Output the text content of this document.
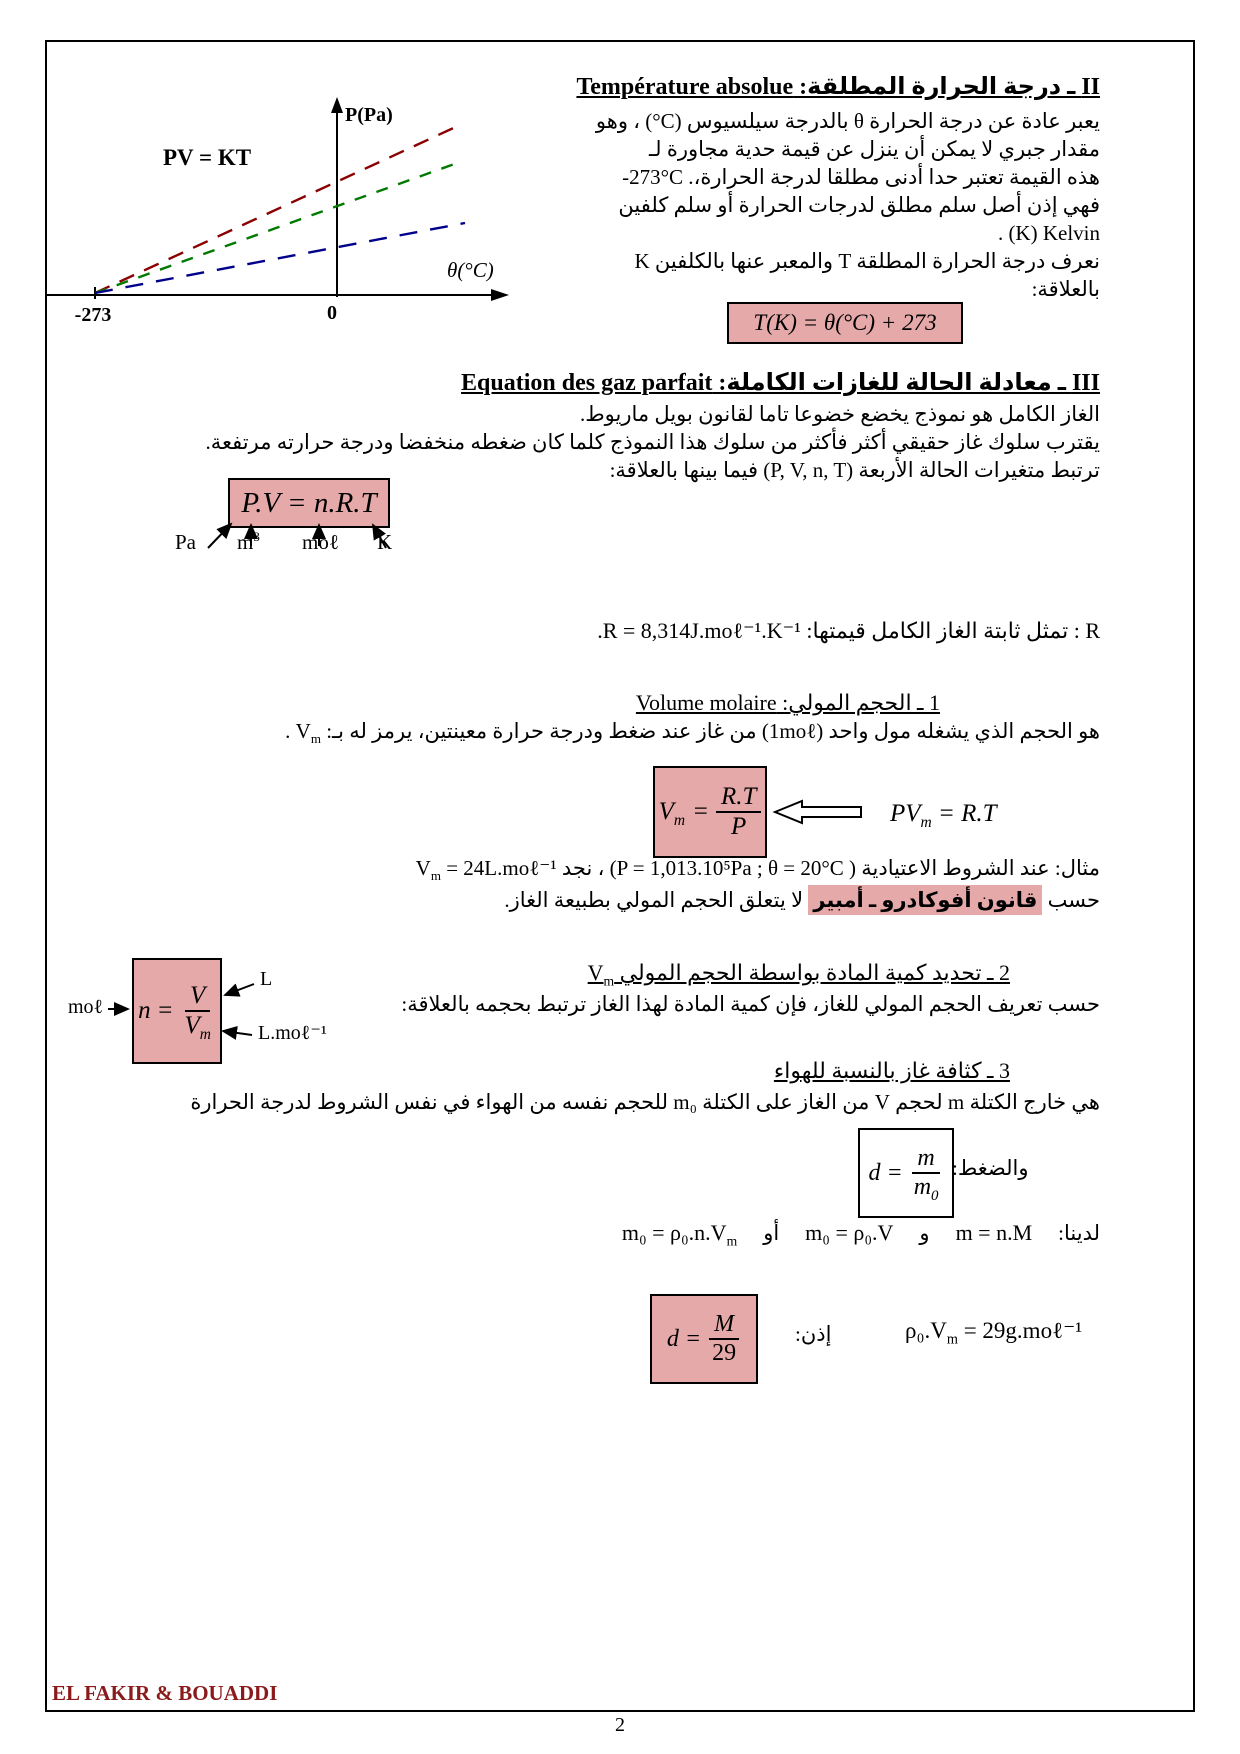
II ـ درجة الحرارة المطلقة: Température absolue
P(Pa)
PV = KT
θ(°C)
0
-273
يعبر عادة عن درجة الحرارة θ بالدرجة سيلسيوس ‎(°C)‎ ، وهو
مقدار جبري لا يمكن أن ينزل عن قيمة حدية مجاورة لـ
هذه القيمة تعتبر حدا أدنى مطلقا لدرجة الحرارة،‎-273°C .
فهي إذن أصل سلم مطلق لدرجات الحرارة أو سلم كلفين
. (K) Kelvin
نعرف درجة الحرارة المطلقة T والمعبر عنها بالكلفين K
بالعلاقة:
T(K) = θ(°C) + 273
III ـ معادلة الحالة للغازات الكاملة: Equation des gaz parfait
الغاز الكامل هو نموذج يخضع خضوعا تاما لقانون بويل ماريوط.
يقترب سلوك غاز حقيقي أكثر فأكثر من سلوك هذا النموذج كلما كان ضغطه منخفضا ودرجة حرارته مرتفعة.
ترتبط متغيرات الحالة الأربعة (P, V, n, T) فيما بينها بالعلاقة:
P.V = n.R.T
Pa $m^3$ moℓ K
R : تمثل ثابتة الغاز الكامل قيمتها: .R = 8,314J.moℓ⁻¹.K⁻¹
1 ـ الحجم المولي: Volume molaire
هو الحجم الذي يشغله مول واحد (1moℓ) من غاز عند ضغط ودرجة حرارة معينتين، يرمز له بـ: $V_m$ .
$V_m = \frac{R.T}{P}$	$PV_m = R.T$
مثال: عند الشروط الاعتيادية (P = 1,013.10⁵Pa ; θ = 20°C ) ، نجد $V_m$ = 24L.moℓ⁻¹
حسب قانون أفوكادرو ـ أمبير لا يتعلق الحجم المولي بطبيعة الغاز.
2 ـ تحديد كمية المادة بواسطة الحجم المولي $V_m$
حسب تعريف الحجم المولي للغاز، فإن كمية المادة لهذا الغاز ترتبط بحجمه بالعلاقة:
moℓ $n = \frac{V}{V_m}$
L
L.moℓ⁻¹
3 ـ كثافة غاز بالنسبة للهواء
هي خارج الكتلة m لحجم V من الغاز على الكتلة m₀ للحجم نفسه من الهواء في نفس الشروط لدرجة الحرارة
$d = \frac{m}{m_0}$ والضغط:
لدينا:
m = n.M
و
m₀ = ρ₀.V
أو
$m_0 = \rho_0.n.V_m$
$\rho_0.V_m$ = 29g.moℓ⁻¹
إذن:
$d = \frac{M}{29}$
EL FAKIR & BOUADDI
2
